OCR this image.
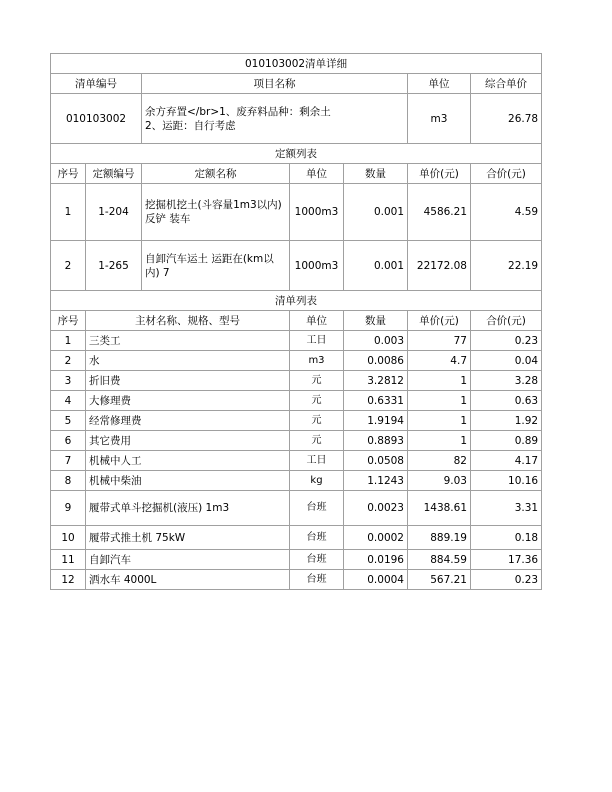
010103002清单详细						
清单编号		项目名称			单位	综合单价
010103002		余方弃置</br>1、废弃料品种：剩余土
2、运距：自行考虑			m3	26.78
定额列表						
序号	定额编号	定额名称	单位	数量	单价(元)	合价(元)
1	1-204	挖掘机挖土(斗容量1m3以内) 反铲 装车	1000m3	0.001	4586.21	4.59
2	1-265	自卸汽车运土 运距在(km以内) 7	1000m3	0.001	22172.08	22.19
清单列表						
序号	主材名称、规格、型号		单位	数量	单价(元)	合价(元)
1	三类工		工日	0.003	77	0.23
2	水		m3	0.0086	4.7	0.04
3	折旧费		元	3.2812	1	3.28
4	大修理费		元	0.6331	1	0.63
5	经常修理费		元	1.9194	1	1.92
6	其它费用		元	0.8893	1	0.89
7	机械中人工		工日	0.0508	82	4.17
8	机械中柴油		kg	1.1243	9.03	10.16
9	履带式单斗挖掘机(液压) 1m3		台班	0.0023	1438.61	3.31
10	履带式推土机 75kW		台班	0.0002	889.19	0.18
11	自卸汽车		台班	0.0196	884.59	17.36
12	洒水车 4000L		台班	0.0004	567.21	0.23
